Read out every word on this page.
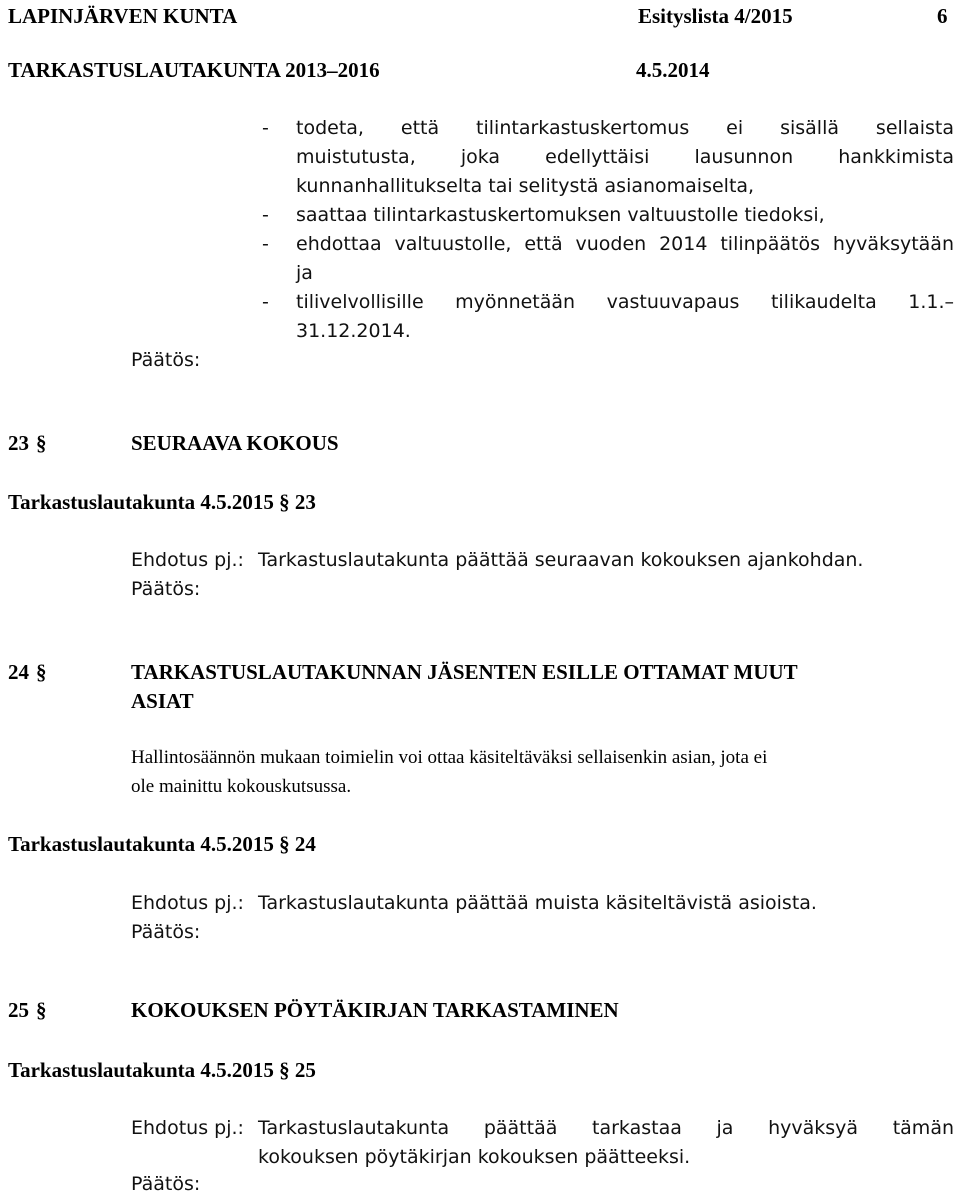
LAPINJÄRVEN KUNTA	Esityslista 4/2015	6
TARKASTUSLAUTAKUNTA 2013–2016	4.5.2014
- todeta, että tilintarkastuskertomus ei sisällä sellaista
muistutusta, joka edellyttäisi lausunnon hankkimista
kunnanhallitukselta tai selitystä asianomaiselta,
- saattaa tilintarkastuskertomuksen valtuustolle tiedoksi,
- ehdottaa valtuustolle, että vuoden 2014 tilinpäätös hyväksytään
ja
- tilivelvollisille myönnetään vastuuvapaus tilikaudelta 1.1.–
31.12.2014.
Päätös:
23 §	SEURAAVA KOKOUS
Tarkastuslautakunta 4.5.2015 § 23
Ehdotus pj.: Tarkastuslautakunta päättää seuraavan kokouksen ajankohdan.
Päätös:
24 §	TARKASTUSLAUTAKUNNAN JÄSENTEN ESILLE OTTAMAT MUUT
ASIAT
Hallintosäännön mukaan toimielin voi ottaa käsiteltäväksi sellaisenkin asian, jota ei
ole mainittu kokouskutsussa.
Tarkastuslautakunta 4.5.2015 § 24
Ehdotus pj.: Tarkastuslautakunta päättää muista käsiteltävistä asioista.
Päätös:
25 §	KOKOUKSEN PÖYTÄKIRJAN TARKASTAMINEN
Tarkastuslautakunta 4.5.2015 § 25
Ehdotus pj.: Tarkastuslautakunta päättää tarkastaa ja hyväksyä tämän
kokouksen pöytäkirjan kokouksen päätteeksi.
Päätös:
